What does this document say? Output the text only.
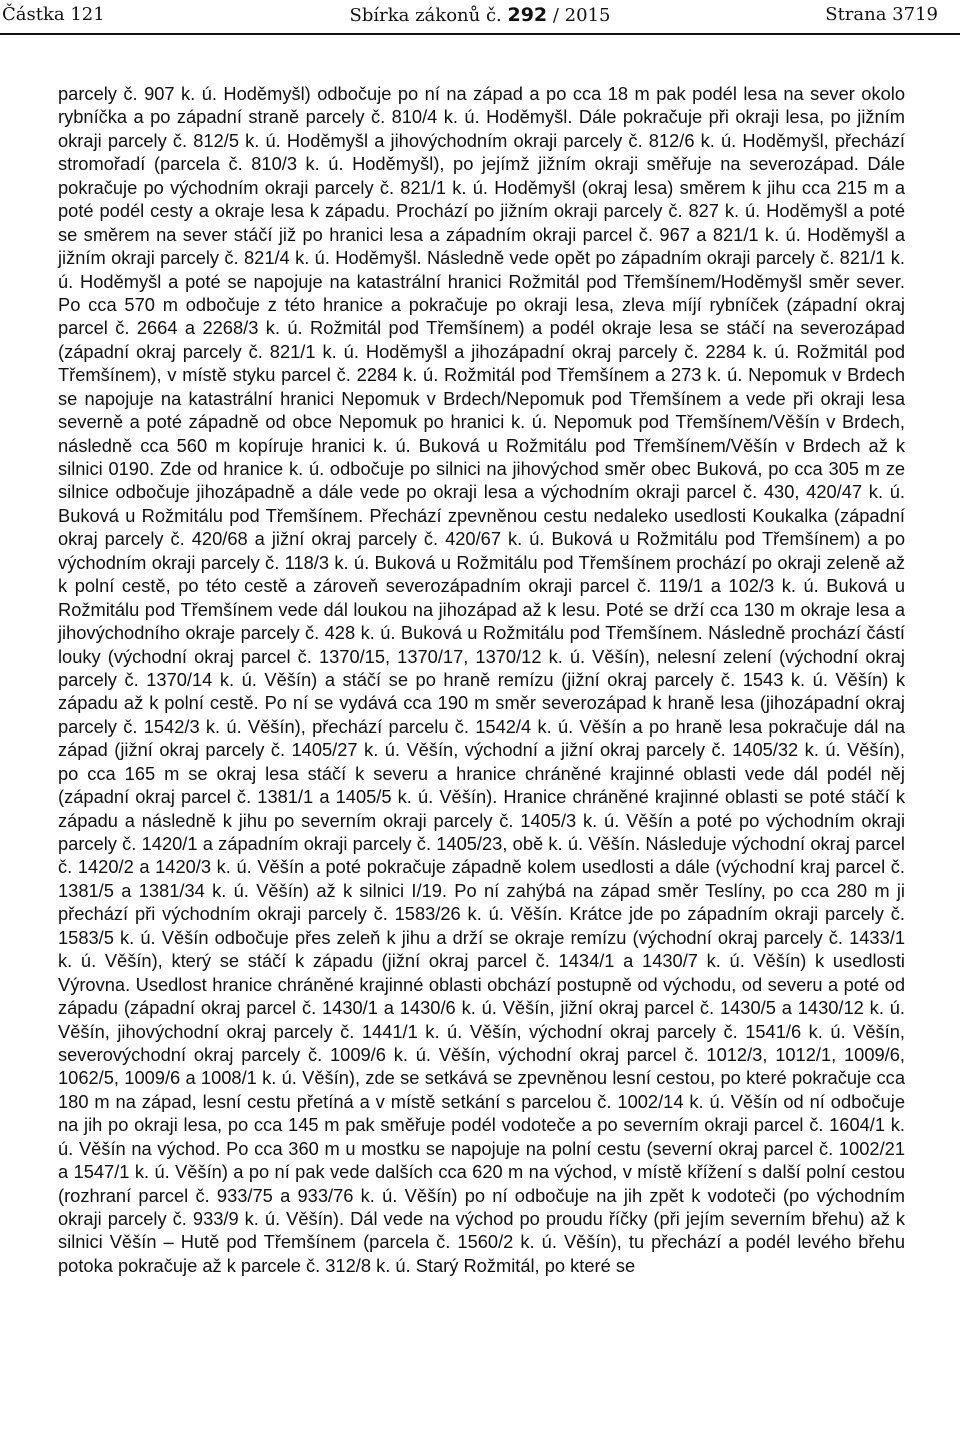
Částka 121	Sbírka zákonů č. 292 / 2015	Strana 3719

parcely č. 907 k. ú. Hoděmyšl) odbočuje po ní na západ a po cca 18 m pak podél lesa na sever okolo rybníčka a po západní straně parcely č. 810/4 k. ú. Hoděmyšl. Dále pokračuje při okraji lesa, po jižním okraji parcely č. 812/5 k. ú. Hoděmyšl a jihovýchodním okraji parcely č. 812/6 k. ú. Hoděmyšl, přechází stromořadí (parcela č. 810/3 k. ú. Hoděmyšl), po jejímž jižním okraji směřuje na severozápad. Dále pokračuje po východním okraji parcely č. 821/1 k. ú. Hoděmyšl (okraj lesa) směrem k jihu cca 215 m a poté podél cesty a okraje lesa k západu. Prochází po jižním okraji parcely č. 827 k. ú. Hoděmyšl a poté se směrem na sever stáčí již po hranici lesa a západním okraji parcel č. 967 a 821/1 k. ú. Hoděmyšl a jižním okraji parcely č. 821/4 k. ú. Hoděmyšl. Následně vede opět po západním okraji parcely č. 821/1 k. ú. Hoděmyšl a poté se napojuje na katastrální hranici Rožmitál pod Třemšínem/Hoděmyšl směr sever. Po cca 570 m odbočuje z této hranice a pokračuje po okraji lesa, zleva míjí rybníček (západní okraj parcel č. 2664 a 2268/3 k. ú. Rožmitál pod Třemšínem) a podél okraje lesa se stáčí na severozápad (západní okraj parcely č. 821/1 k. ú. Hoděmyšl a jihozápadní okraj parcely č. 2284 k. ú. Rožmitál pod Třemšínem), v místě styku parcel č. 2284 k. ú. Rožmitál pod Třemšínem a 273 k. ú. Nepomuk v Brdech se napojuje na katastrální hranici Nepomuk v Brdech/Nepomuk pod Třemšínem a vede při okraji lesa severně a poté západně od obce Nepomuk po hranici k. ú. Nepomuk pod Třemšínem/Věšín v Brdech, následně cca 560 m kopíruje hranici k. ú. Buková u Rožmitálu pod Třemšínem/Věšín v Brdech až k silnici 0190. Zde od hranice k. ú. odbočuje po silnici na jihovýchod směr obec Buková, po cca 305 m ze silnice odbočuje jihozápadně a dále vede po okraji lesa a východním okraji parcel č. 430, 420/47 k. ú. Buková u Rožmitálu pod Třemšínem. Přechází zpevněnou cestu nedaleko usedlosti Koukalka (západní okraj parcely č. 420/68 a jižní okraj parcely č. 420/67 k. ú. Buková u Rožmitálu pod Třemšínem) a po východním okraji parcely č. 118/3 k. ú. Buková u Rožmitálu pod Třemšínem prochází po okraji zeleně až k polní cestě, po této cestě a zároveň severozápadním okraji parcel č. 119/1 a 102/3 k. ú. Buková u Rožmitálu pod Třemšínem vede dál loukou na jihozápad až k lesu. Poté se drží cca 130 m okraje lesa a jihovýchodního okraje parcely č. 428 k. ú. Buková u Rožmitálu pod Třemšínem. Následně prochází částí louky (východní okraj parcel č. 1370/15, 1370/17, 1370/12 k. ú. Věšín), nelesní zelení (východní okraj parcely č. 1370/14 k. ú. Věšín) a stáčí se po hraně remízu (jižní okraj parcely č. 1543 k. ú. Věšín) k západu až k polní cestě. Po ní se vydává cca 190 m směr severozápad k hraně lesa (jihozápadní okraj parcely č. 1542/3 k. ú. Věšín), přechází parcelu č. 1542/4 k. ú. Věšín a po hraně lesa pokračuje dál na západ (jižní okraj parcely č. 1405/27 k. ú. Věšín, východní a jižní okraj parcely č. 1405/32 k. ú. Věšín), po cca 165 m se okraj lesa stáčí k severu a hranice chráněné krajinné oblasti vede dál podél něj (západní okraj parcel č. 1381/1 a 1405/5 k. ú. Věšín). Hranice chráněné krajinné oblasti se poté stáčí k západu a následně k jihu po severním okraji parcely č. 1405/3 k. ú. Věšín a poté po východním okraji parcely č. 1420/1 a západním okraji parcely č. 1405/23, obě k. ú. Věšín. Následuje východní okraj parcel č. 1420/2 a 1420/3 k. ú. Věšín a poté pokračuje západně kolem usedlosti a dále (východní kraj parcel č. 1381/5 a 1381/34 k. ú. Věšín) až k silnici I/19. Po ní zahýbá na západ směr Teslíny, po cca 280 m ji přechází při východním okraji parcely č. 1583/26 k. ú. Věšín. Krátce jde po západním okraji parcely č. 1583/5 k. ú. Věšín odbočuje přes zeleň k jihu a drží se okraje remízu (východní okraj parcely č. 1433/1 k. ú. Věšín), který se stáčí k západu (jižní okraj parcel č. 1434/1 a 1430/7 k. ú. Věšín) k usedlosti Výrovna. Usedlost hranice chráněné krajinné oblasti obchází postupně od východu, od severu a poté od západu (západní okraj parcel č. 1430/1 a 1430/6 k. ú. Věšín, jižní okraj parcel č. 1430/5 a 1430/12 k. ú. Věšín, jihovýchodní okraj parcely č. 1441/1 k. ú. Věšín, východní okraj parcely č. 1541/6 k. ú. Věšín, severovýchodní okraj parcely č. 1009/6 k. ú. Věšín, východní okraj parcel č. 1012/3, 1012/1, 1009/6, 1062/5, 1009/6 a 1008/1 k. ú. Věšín), zde se setkává se zpevněnou lesní cestou, po které pokračuje cca 180 m na západ, lesní cestu přetíná a v místě setkání s parcelou č. 1002/14 k. ú. Věšín od ní odbočuje na jih po okraji lesa, po cca 145 m pak směřuje podél vodoteče a po severním okraji parcel č. 1604/1 k. ú. Věšín na východ. Po cca 360 m u mostku se napojuje na polní cestu (severní okraj parcel č. 1002/21 a 1547/1 k. ú. Věšín) a po ní pak vede dalších cca 620 m na východ, v místě křížení s další polní cestou (rozhraní parcel č. 933/75 a 933/76 k. ú. Věšín) po ní odbočuje na jih zpět k vodoteči (po východním okraji parcely č. 933/9 k. ú. Věšín). Dál vede na východ po proudu říčky (při jejím severním břehu) až k silnici Věšín – Hutě pod Třemšínem (parcela č. 1560/2 k. ú. Věšín), tu přechází a podél levého břehu potoka pokračuje až k parcele č. 312/8 k. ú. Starý Rožmitál, po které se
